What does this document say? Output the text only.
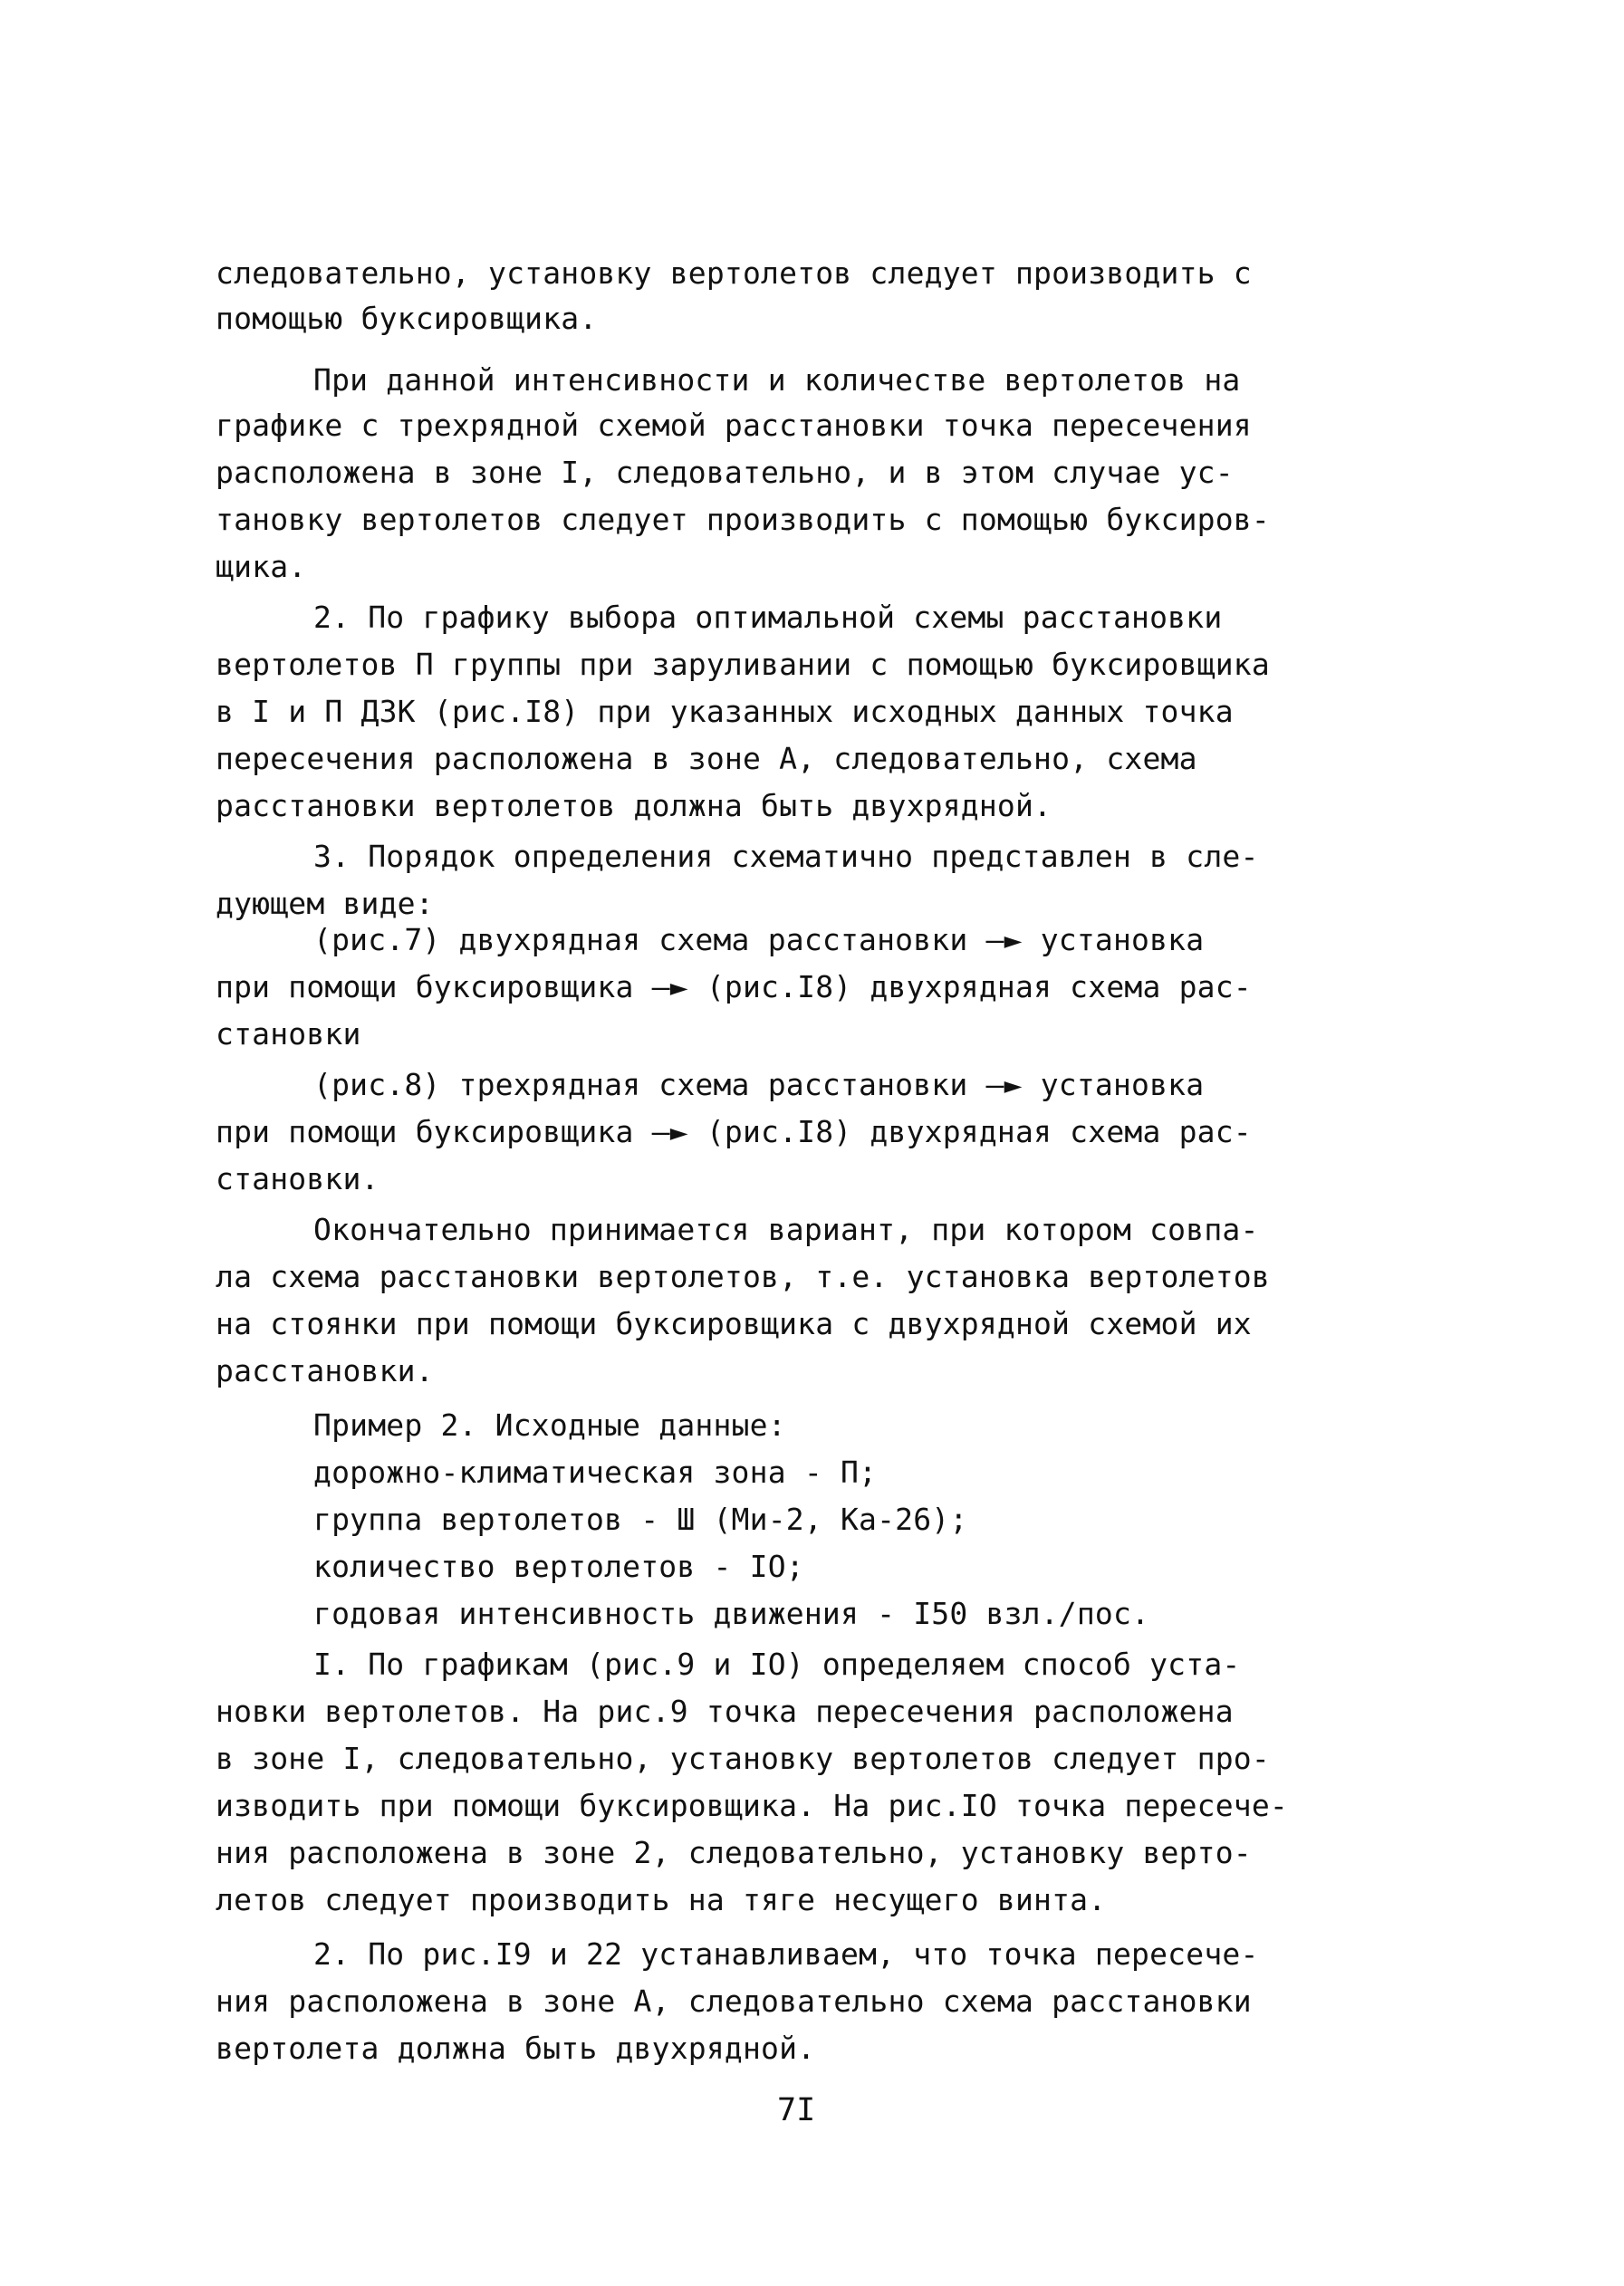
следовательно, установку вертолетов следует производить с
помощью буксировщика.
При данной интенсивности и количестве вертолетов на
графике с трехрядной схемой расстановки точка пересечения
расположена в зоне I, следовательно, и в этом случае ус-
тановку вертолетов следует производить с помощью буксиров-
щика.
2. По графику выбора оптимальной схемы расстановки
вертолетов П группы при заруливании с помощью буксировщика
в I и П ДЗК (рис.I8) при указанных исходных данных точка
пересечения расположена в зоне А, следовательно, схема
расстановки вертолетов должна быть двухрядной.
3. Порядок определения схематично представлен в сле-
дующем виде:
(рис.7) двухрядная схема расстановки —► установка
при помощи буксировщика —► (рис.I8) двухрядная схема рас-
становки
(рис.8) трехрядная схема расстановки —► установка
при помощи буксировщика —► (рис.I8) двухрядная схема рас-
становки.
Окончательно принимается вариант, при котором совпа-
ла схема расстановки вертолетов, т.е. установка вертолетов
на стоянки при помощи буксировщика с двухрядной схемой их
расстановки.
Пример 2. Исходные данные:
дорожно-климатическая зона - П;
группа вертолетов - Ш (Ми-2, Ка-26);
количество вертолетов - IO;
годовая интенсивность движения - I50 взл./пос.
I. По графикам (рис.9 и IO) определяем способ уста-
новки вертолетов. На рис.9 точка пересечения расположена
в зоне I, следовательно, установку вертолетов следует про-
изводить при помощи буксировщика. На рис.IO точка пересече-
ния расположена в зоне 2, следовательно, установку верто-
летов следует производить на тяге несущего винта.
2. По рис.I9 и 22 устанавливаем, что точка пересече-
ния расположена в зоне А, следовательно схема расстановки
вертолета должна быть двухрядной.
7I
